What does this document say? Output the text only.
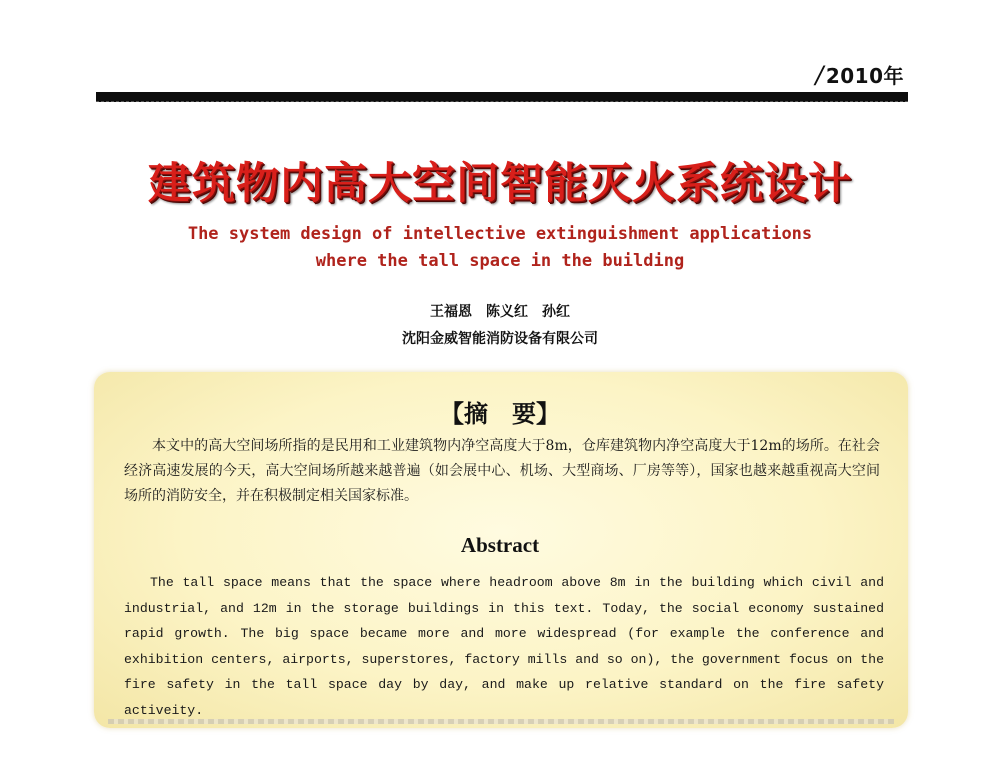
/ 2010年
建筑物内高大空间智能灭火系统设计
The system design of intellective extinguishment applications where the tall space in the building
王福恩　陈义红　孙红
沈阳金威智能消防设备有限公司
【摘　要】
本文中的高大空间场所指的是民用和工业建筑物内净空高度大于8m，仓库建筑物内净空高度大于12m的场所。在社会经济高速发展的今天，高大空间场所越来越普遍（如会展中心、机场、大型商场、厂房等等），国家也越来越重视高大空间场所的消防安全，并在积极制定相关国家标准。
Abstract
The tall space means that the space where headroom above 8m in the building which civil and industrial, and 12m in the storage buildings in this text. Today, the social economy sustained rapid growth. The big space became more and more widespread (for example the conference and exhibition centers, airports, superstores, factory mills and so on), the government focus on the fire safety in the tall space day by day, and make up relative standard on the fire safety activeity.
